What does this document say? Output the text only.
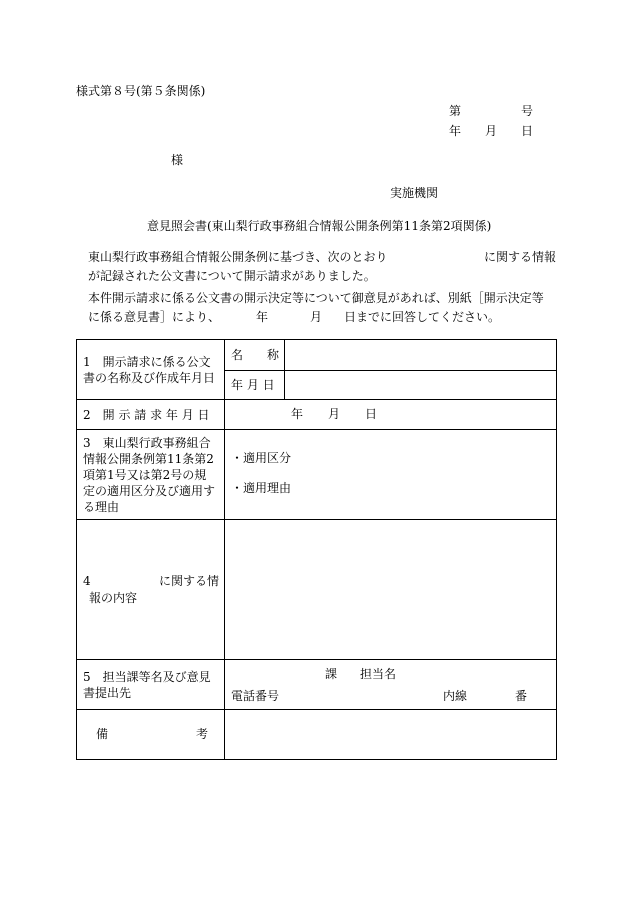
様式第８号(第５条関係)
第	号
年 月 日
様
実施機関
意見照会書(東山梨行政事務組合情報公開条例第11条第2項関係)
東山梨行政事務組合情報公開条例に基づき、次のとおり	に関する情報
が記録された公文書について開示請求がありました。
本件開示請求に係る公文書の開示決定等について御意見があれば、別紙［開示決定等
に係る意見書］により、	年	月 日までに回答してください。
1　開示請求に係る公文書の名称及び作成年月日	名　　称	

	年 月 日	

2　開 示 請 求 年 月 日	年 月 日	

3　東山梨行政事務組合情報公開条例第11条第2項第1号又は第2号の規定の適用区分及び適用する理由	・適用区分
・適用理由	

4 に関する情
報の内容		

5　担当課等名及び意見書提出先	課 担当名
電話番号 内線 番	

備 考		
